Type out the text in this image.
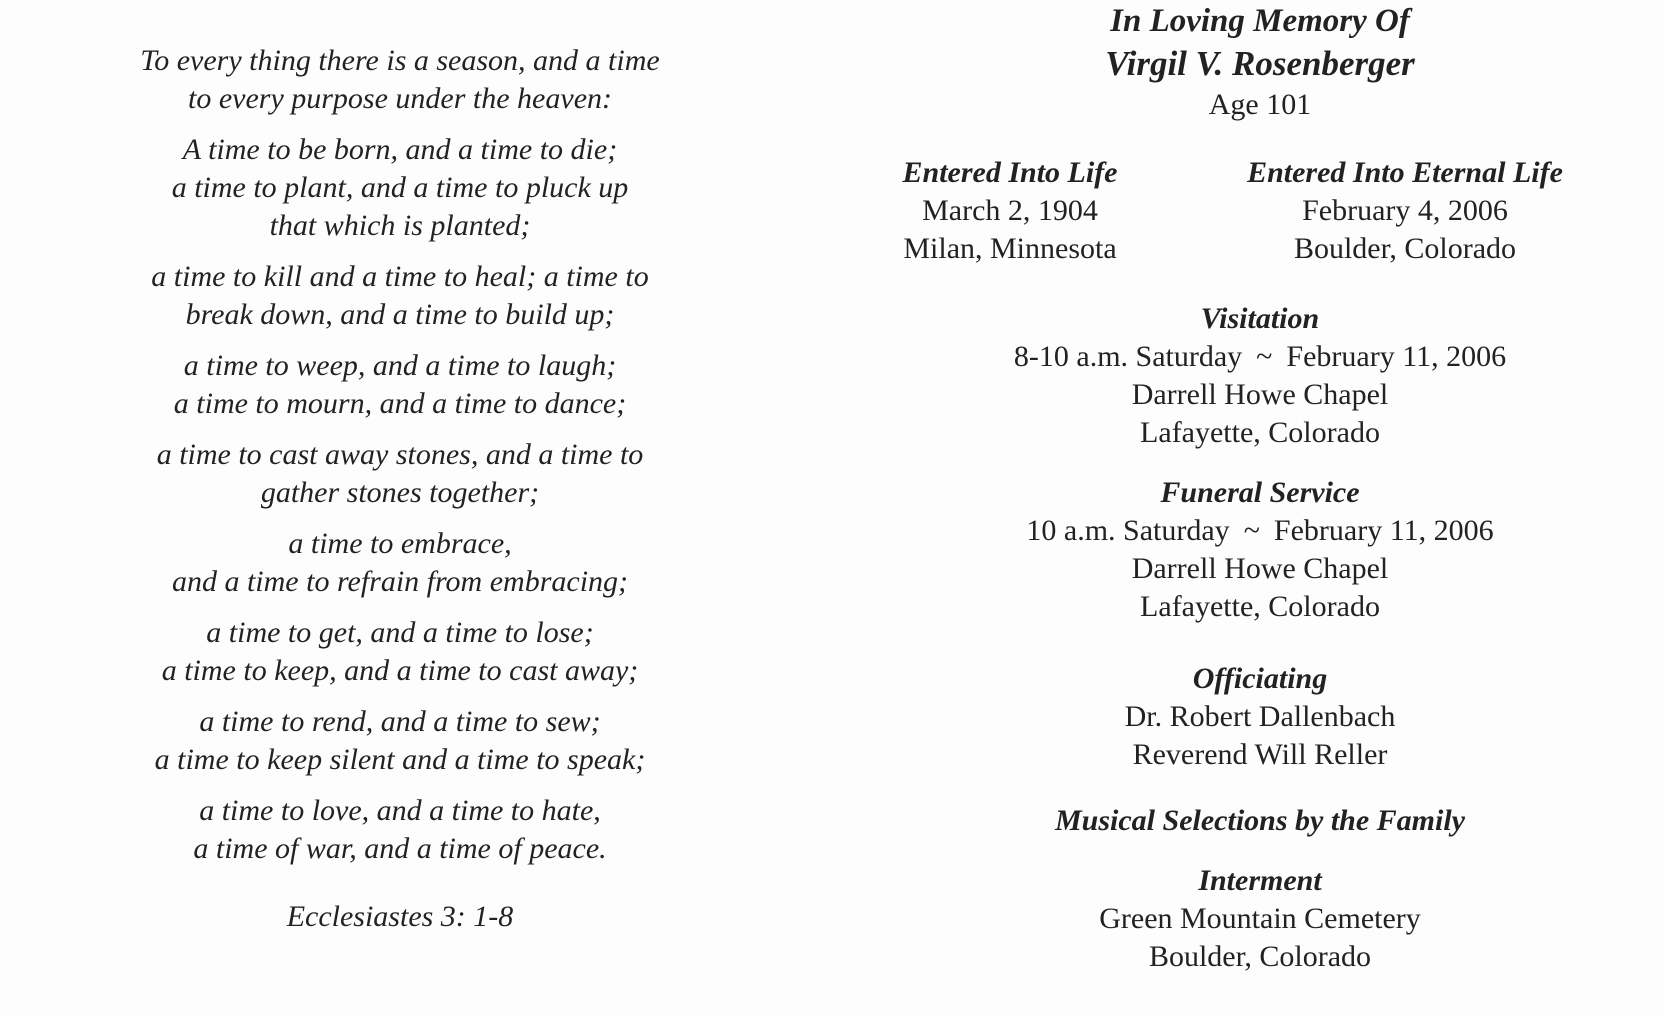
To every thing there is a season, and a time
to every purpose under the heaven:
A time to be born, and a time to die;
a time to plant, and a time to pluck up
that which is planted;
a time to kill and a time to heal; a time to
break down, and a time to build up;
a time to weep, and a time to laugh;
a time to mourn, and a time to dance;
a time to cast away stones, and a time to
gather stones together;
a time to embrace,
and a time to refrain from embracing;
a time to get, and a time to lose;
a time to keep, and a time to cast away;
a time to rend, and a time to sew;
a time to keep silent and a time to speak;
a time to love, and a time to hate,
a time of war, and a time of peace.
Ecclesiastes 3: 1-8
In Loving Memory Of
Virgil V. Rosenberger
Age 101
Entered Into Life
March 2, 1904
Milan, Minnesota
Entered Into Eternal Life
February 4, 2006
Boulder, Colorado
Visitation
8-10 a.m. Saturday ~ February 11, 2006
Darrell Howe Chapel
Lafayette, Colorado
Funeral Service
10 a.m. Saturday ~ February 11, 2006
Darrell Howe Chapel
Lafayette, Colorado
Officiating
Dr. Robert Dallenbach
Reverend Will Reller
Musical Selections by the Family
Interment
Green Mountain Cemetery
Boulder, Colorado
